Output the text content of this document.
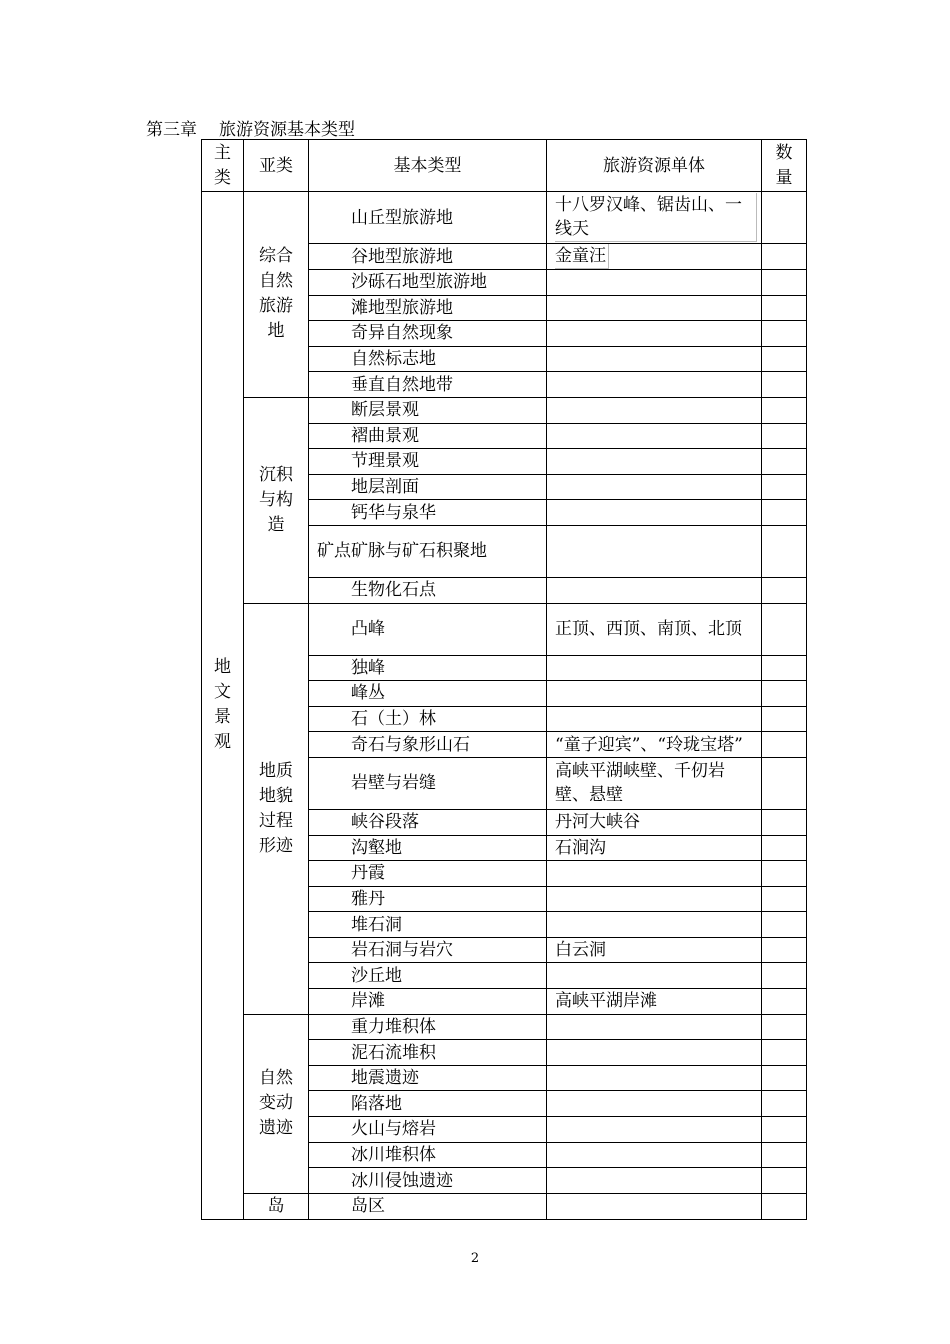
第三章 旅游资源基本类型
主类	亚类	基本类型	旅游资源单体	数量
地文景观	综合自然旅游地	山丘型旅游地	十八罗汉峰、锯齿山、一线天	
		谷地型旅游地	金童汪	
		沙砾石地型旅游地		
		滩地型旅游地		
		奇异自然现象		
		自然标志地		
		垂直自然地带		
	沉积与构造	断层景观		
		褶曲景观		
		节理景观		
		地层剖面		
		钙华与泉华		
		矿点矿脉与矿石积聚地		
		生物化石点		
	地质地貌过程形迹	凸峰	正顶、西顶、南顶、北顶	
		独峰		
		峰丛		
		石（土）林		
		奇石与象形山石	“童子迎宾”、“玲珑宝塔”	
		岩壁与岩缝	高峡平湖峡壁、千仞岩壁、悬壁	
		峡谷段落	丹河大峡谷	
		沟壑地	石涧沟	
		丹霞		
		雅丹		
		堆石洞		
		岩石洞与岩穴	白云洞	
		沙丘地		
		岸滩	高峡平湖岸滩	
	自然变动遗迹	重力堆积体		
		泥石流堆积		
		地震遗迹		
		陷落地		
		火山与熔岩		
		冰川堆积体		
		冰川侵蚀遗迹		
	岛	岛区		
2
